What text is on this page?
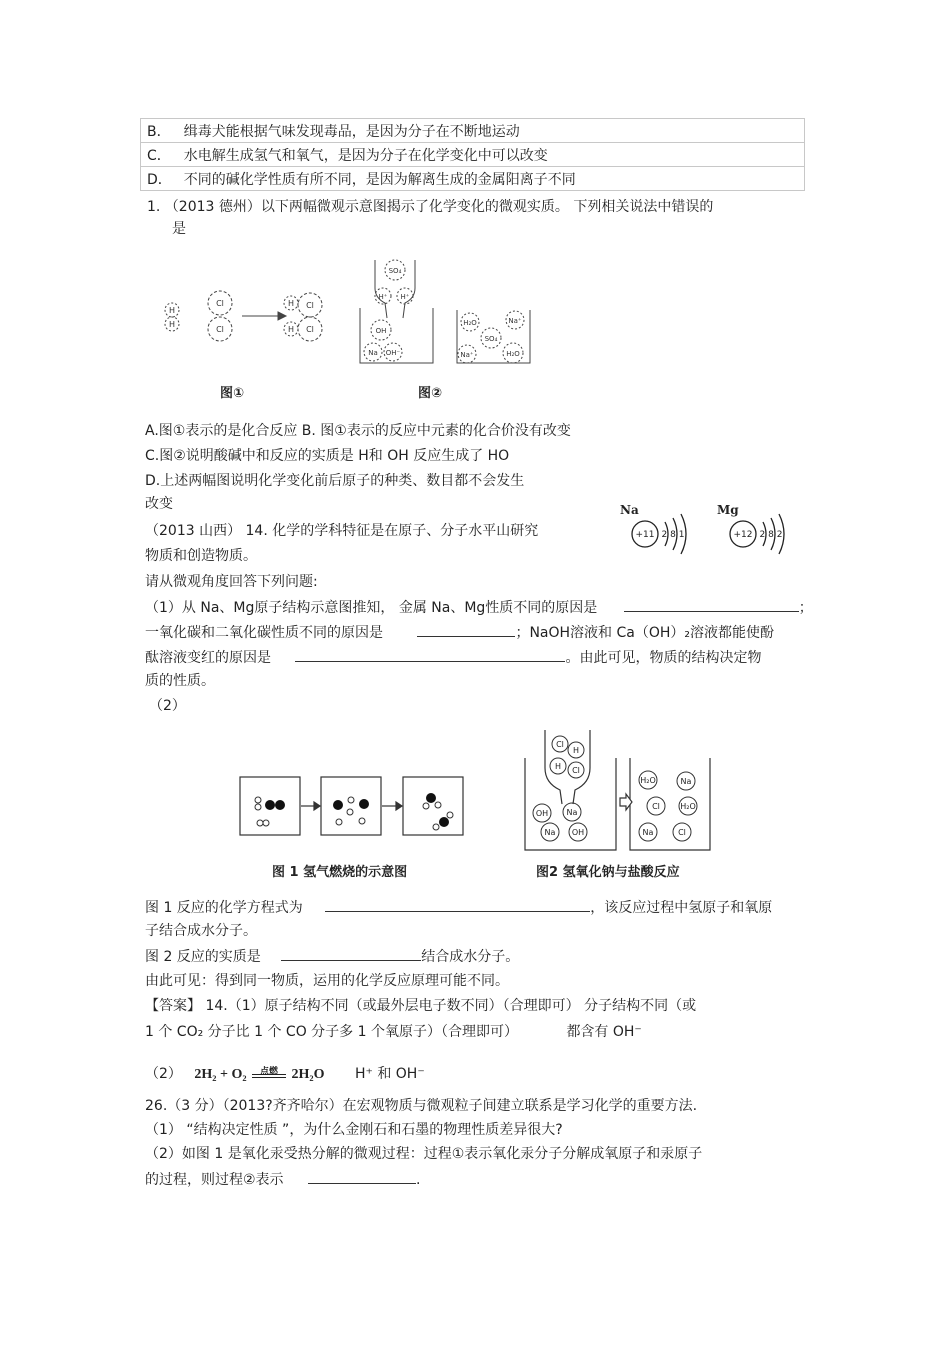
B．	缉毒犬能根据气味发现毒品，是因为分子在不断地运动
C．	水电解生成氢气和氧气，是因为分子在化学变化中可以改变
D．	不同的碱化学性质有所不同，是因为解离生成的金属阳离子不同
1. （2013 德州）以下两幅微观示意图揭示了化学变化的微观实质。 下列相关说法中错误的
是
H
H
Cl
Cl
H Cl
H Cl
图①
SO₄
H⁺ H⁺
OH
Na OH⁻
H₂O	Na⁺
SO₄
Na⁺	H₂O
图②
A.图①表示的是化合反应 B. 图①表示的反应中元素的化合价没有改变
C.图②说明酸碱中和反应的实质是 H和 OH 反应生成了 HO
D.上述两幅图说明化学变化前后原子的种类、数目都不会发生
改变
（2013 山西） 14. 化学的学科特征是在原子、分子水平山研究
物质和创造物质。
Na	Mg
+11 2 8 1	+12 2 8 2
请从微观角度回答下列问题:
（1）从 Na、Mg原子结构示意图推知， 金属 Na、Mg性质不同的原因是	；
一氧化碳和二氧化碳性质不同的原因是	；NaOH溶液和 Ca（OH）₂溶液都能使酚
酞溶液变红的原因是	。由此可见，物质的结构决定物
质的性质。
（2）
图 1 氢气燃烧的示意图
Cl
H
H Cl
OH Na
Na OH
H₂O	Na
Cl	H₂O
Na	Cl
图2 氢氧化钠与盐酸反应
图 1 反应的化学方程式为	，该反应过程中氢原子和氧原
子结合成水分子。
图 2 反应的实质是	结合成水分子。
由此可见：得到同一物质，运用的化学反应原理可能不同。
【答案】 14.（1）原子结构不同（或最外层电子数不同）（合理即可） 分子结构不同（或
1 个 CO₂ 分子比 1 个 CO 分子多 1 个氧原子）（合理即可）	都含有 OH⁻
（2） 2H₂ + O₂	点燃 2H₂O H⁺ 和 OH⁻
26.（3 分）（2013?齐齐哈尔）在宏观物质与微观粒子间建立联系是学习化学的重要方法.
（1） “结构决定性质 ”，为什么金刚石和石墨的物理性质差异很大?
（2）如图 1 是氧化汞受热分解的微观过程：过程①表示氧化汞分子分解成氧原子和汞原子
的过程，则过程②表示	.
